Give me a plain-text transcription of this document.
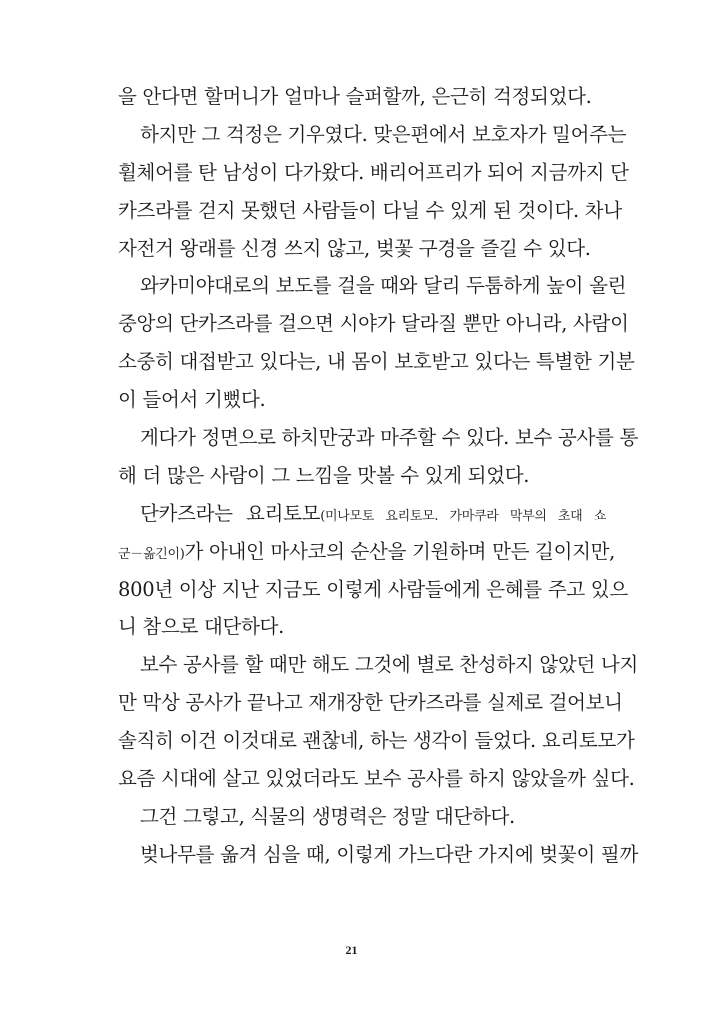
을 안다면 할머니가 얼마나 슬퍼할까, 은근히 걱정되었다.
하지만 그 걱정은 기우였다. 맞은편에서 보호자가 밀어주는
휠체어를 탄 남성이 다가왔다. 배리어프리가 되어 지금까지 단
카즈라를 걷지 못했던 사람들이 다닐 수 있게 된 것이다. 차나
자전거 왕래를 신경 쓰지 않고, 벚꽃 구경을 즐길 수 있다.
와카미야대로의 보도를 걸을 때와 달리 두툼하게 높이 올린
중앙의 단카즈라를 걸으면 시야가 달라질 뿐만 아니라, 사람이
소중히 대접받고 있다는, 내 몸이 보호받고 있다는 특별한 기분
이 들어서 기뻤다.
게다가 정면으로 하치만궁과 마주할 수 있다. 보수 공사를 통
해 더 많은 사람이 그 느낌을 맛볼 수 있게 되었다.
단카즈라는 요리토모(미나모토 요리토모. 가마쿠라 막부의 초대 쇼
군－옮긴이)가 아내인 마사코의 순산을 기원하며 만든 길이지만,
800년 이상 지난 지금도 이렇게 사람들에게 은혜를 주고 있으
니 참으로 대단하다.
보수 공사를 할 때만 해도 그것에 별로 찬성하지 않았던 나지
만 막상 공사가 끝나고 재개장한 단카즈라를 실제로 걸어보니
솔직히 이건 이것대로 괜찮네, 하는 생각이 들었다. 요리토모가
요즘 시대에 살고 있었더라도 보수 공사를 하지 않았을까 싶다.
그건 그렇고, 식물의 생명력은 정말 대단하다.
벚나무를 옮겨 심을 때, 이렇게 가느다란 가지에 벚꽃이 필까
21
